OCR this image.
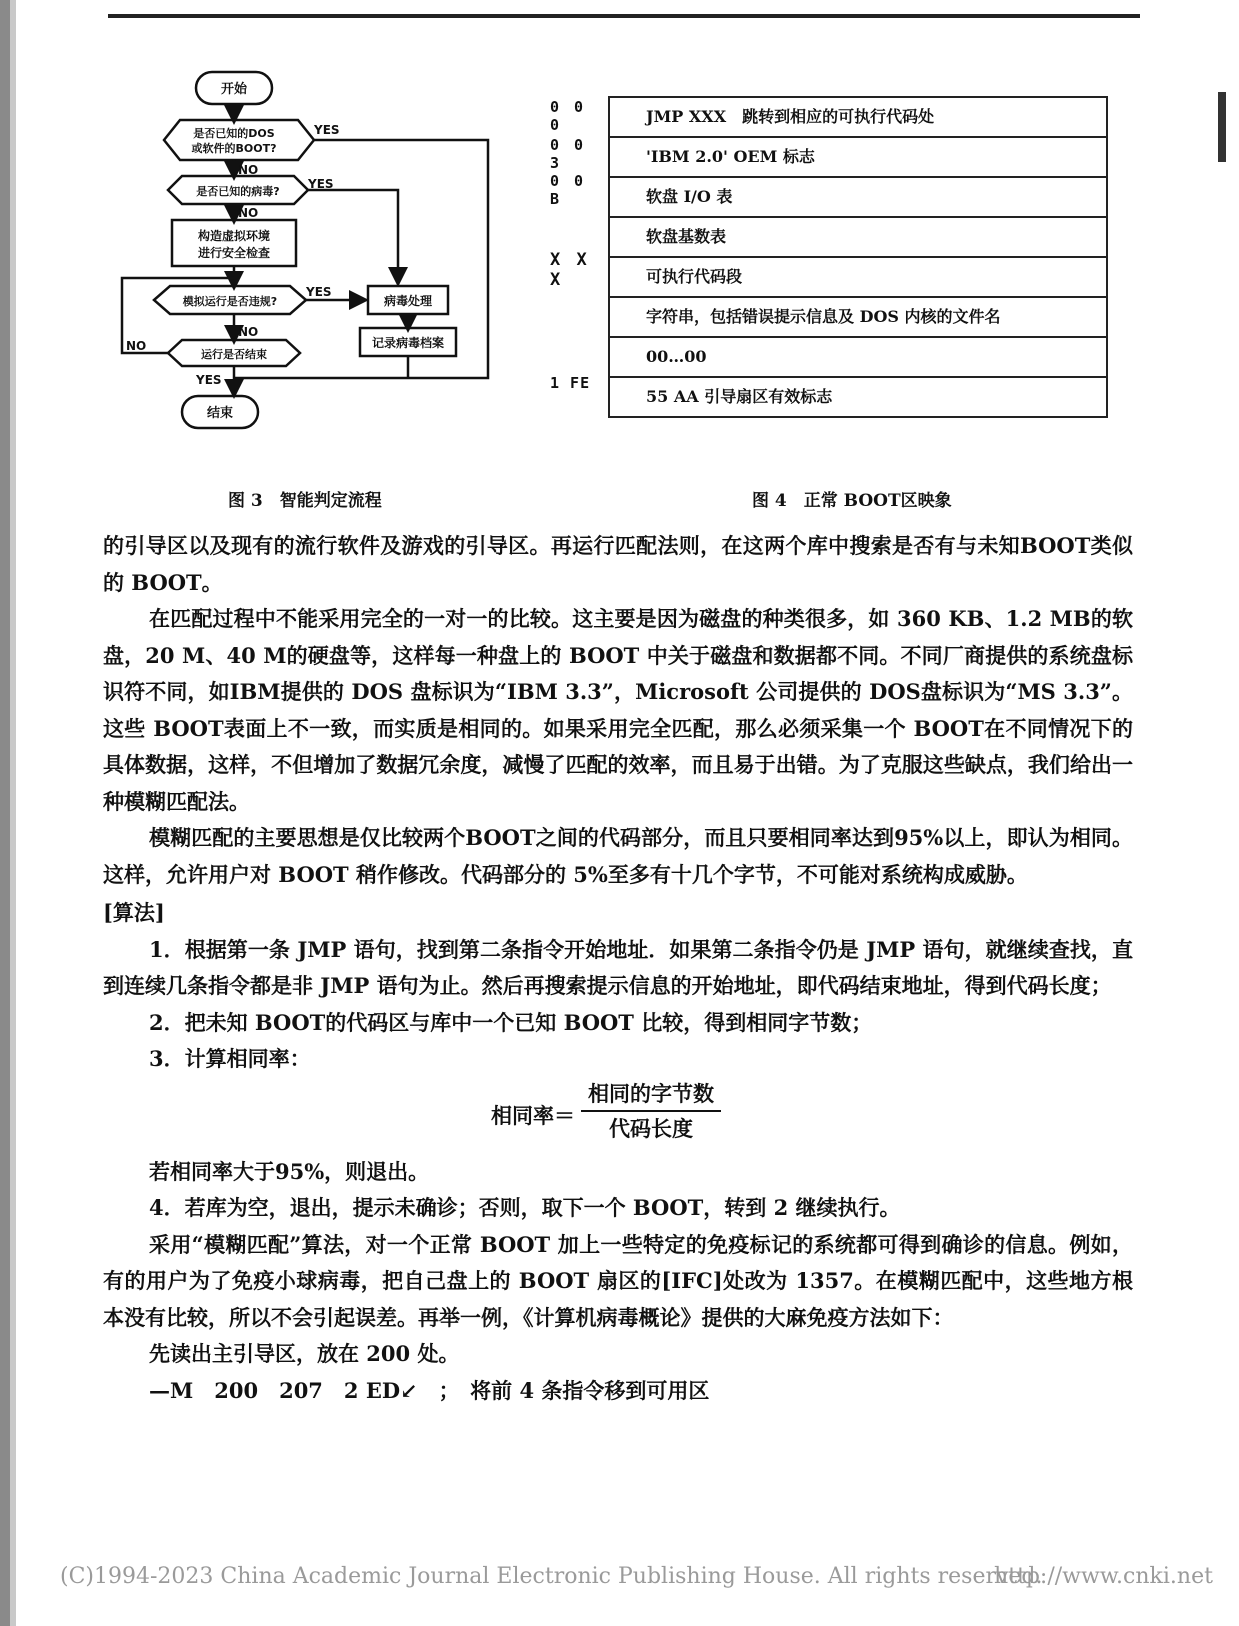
开始
是否已知的DOS
或软件的BOOT?
是否已知的病毒?
构造虚拟环境
进行安全检查
模拟运行是否违规?
运行是否结束
结束
病毒处理
记录病毒档案
YES
YES
YES
YES
NO
NO
NO
NO
0 0 0
0 0 3
0 0 B
X X X
1 FE
JMP XXX　跳转到相应的可执行代码处
'IBM 2.0' OEM 标志
软盘 I/O 表
软盘基数表
可执行代码段
字符串，包括错误提示信息及 DOS 内核的文件名
00…00
55 AA 引导扇区有效标志
图 3　智能判定流程	图 4　正常 BOOT区映象

的引导区以及现有的流行软件及游戏的引导区。再运行匹配法则，在这两个库中搜索是否有与未知BOOT类似的 BOOT。

在匹配过程中不能采用完全的一对一的比较。这主要是因为磁盘的种类很多，如 360 KB、1.2 MB的软盘，20 M、40 M的硬盘等，这样每一种盘上的 BOOT 中关于磁盘和数据都不同。不同厂商提供的系统盘标识符不同，如IBM提供的 DOS 盘标识为“IBM 3.3”，Microsoft 公司提供的 DOS盘标识为“MS 3.3”。这些 BOOT表面上不一致，而实质是相同的。如果采用完全匹配，那么必须采集一个 BOOT在不同情况下的具体数据，这样，不但增加了数据冗余度，减慢了匹配的效率，而且易于出错。为了克服这些缺点，我们给出一种模糊匹配法。

模糊匹配的主要思想是仅比较两个BOOT之间的代码部分，而且只要相同率达到95%以上，即认为相同。这样，允许用户对 BOOT 稍作修改。代码部分的 5%至多有十几个字节，不可能对系统构成威胁。

[算法]

1．根据第一条 JMP 语句，找到第二条指令开始地址．如果第二条指令仍是 JMP 语句，就继续查找，直到连续几条指令都是非 JMP 语句为止。然后再搜索提示信息的开始地址，即代码结束地址，得到代码长度；

2．把未知 BOOT的代码区与库中一个已知 BOOT 比较，得到相同字节数；

3．计算相同率：

相同率＝
相同的字节数
代码长度

若相同率大于95%，则退出。

4．若库为空，退出，提示未确诊；否则，取下一个 BOOT，转到 2 继续执行。

采用“模糊匹配”算法，对一个正常 BOOT 加上一些特定的免疫标记的系统都可得到确诊的信息。例如，有的用户为了免疫小球病毒，把自己盘上的 BOOT 扇区的[IFC]处改为 1357。在模糊匹配中，这些地方根本没有比较，所以不会引起误差。再举一例，《计算机病毒概论》提供的大麻免疫方法如下：

先读出主引导区，放在 200 处。

—M　200　207　2 ED↙　；　将前 4 条指令移到可用区

(C)1994-2023 China Academic Journal Electronic Publishing House. All rights reserved.
http://www.cnki.net
